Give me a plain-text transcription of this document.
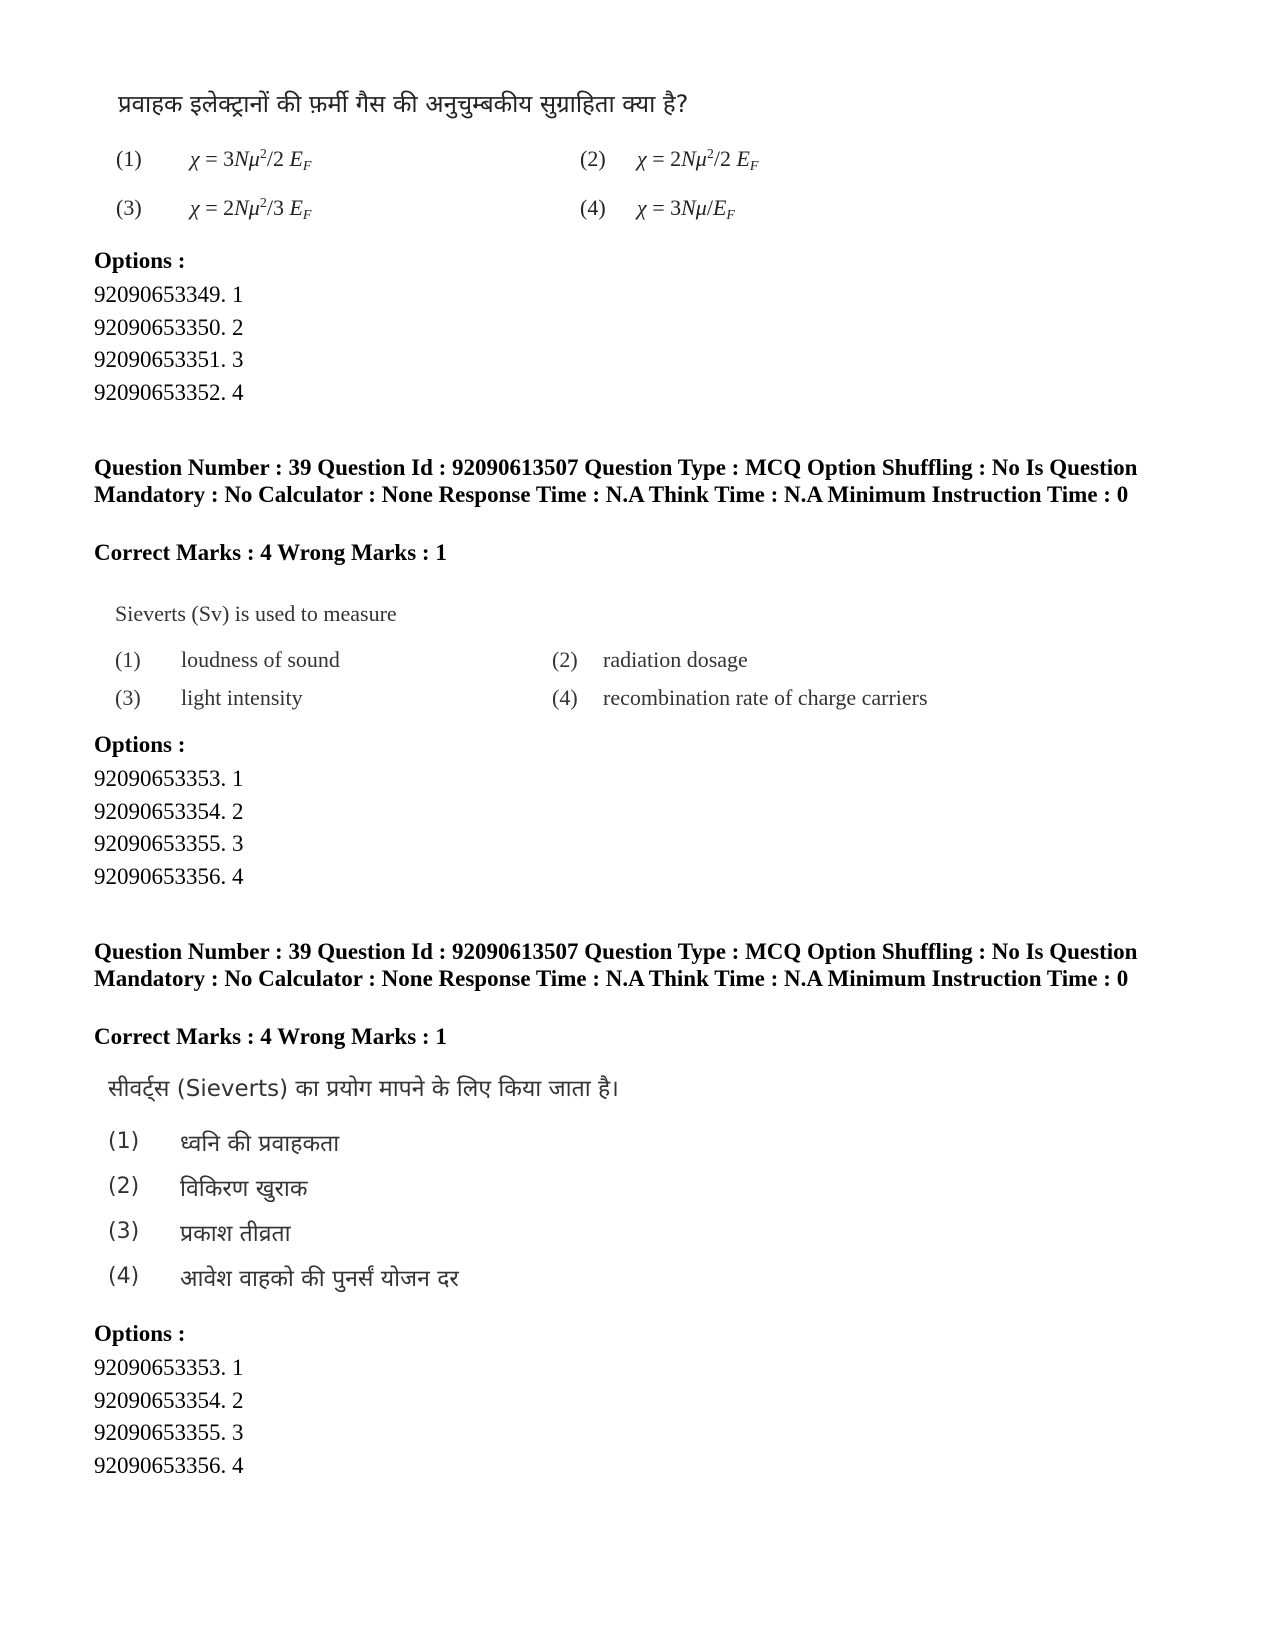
प्रवाहक इलेक्ट्रानों की फ़र्मी गैस की अनुचुम्बकीय सुग्राहिता क्या है?
(1) $\chi = 3N\mu^2/2$ $E_F$	(2) $\chi = 2N\mu^2/2$ $E_F$
(3) $\chi = 2N\mu^2/3$ $E_F$	(4) $\chi = 3N\mu/E_F$
Options :
92090653349. 1
92090653350. 2
92090653351. 3
92090653352. 4
Question Number : 39 Question Id : 92090613507 Question Type : MCQ Option Shuffling : No Is Question Mandatory : No Calculator : None Response Time : N.A Think Time : N.A Minimum Instruction Time : 0
Correct Marks : 4 Wrong Marks : 1
Sieverts (Sv) is used to measure
(1) loudness of sound	(2) radiation dosage
(3) light intensity	(4) recombination rate of charge carriers
Options :
92090653353. 1
92090653354. 2
92090653355. 3
92090653356. 4
Question Number : 39 Question Id : 92090613507 Question Type : MCQ Option Shuffling : No Is Question Mandatory : No Calculator : None Response Time : N.A Think Time : N.A Minimum Instruction Time : 0
Correct Marks : 4 Wrong Marks : 1
सीवर्ट्स (Sieverts) का प्रयोग मापने के लिए किया जाता है।
(1) ध्वनि की प्रवाहकता
(2) विकिरण खुराक
(3) प्रकाश तीव्रता
(4) आवेश वाहको की पुनर्सं योजन दर
Options :
92090653353. 1
92090653354. 2
92090653355. 3
92090653356. 4
